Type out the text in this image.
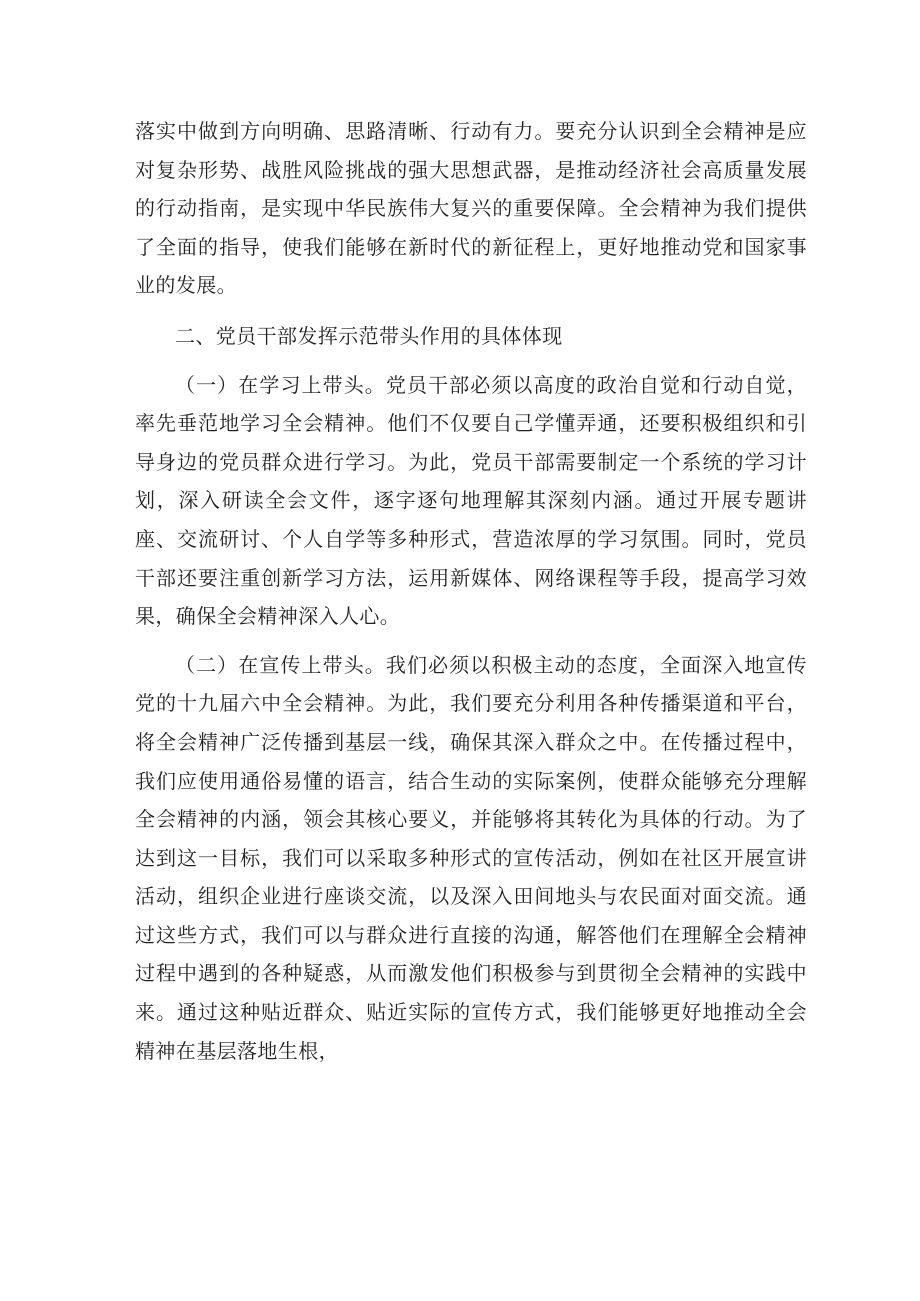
落实中做到方向明确、思路清晰、行动有力。要充分认识到全会精神是应对复杂形势、战胜风险挑战的强大思想武器，是推动经济社会高质量发展的行动指南，是实现中华民族伟大复兴的重要保障。全会精神为我们提供了全面的指导，使我们能够在新时代的新征程上，更好地推动党和国家事业的发展。

二、党员干部发挥示范带头作用的具体体现

（一）在学习上带头。党员干部必须以高度的政治自觉和行动自觉，率先垂范地学习全会精神。他们不仅要自己学懂弄通，还要积极组织和引导身边的党员群众进行学习。为此，党员干部需要制定一个系统的学习计划，深入研读全会文件，逐字逐句地理解其深刻内涵。通过开展专题讲座、交流研讨、个人自学等多种形式，营造浓厚的学习氛围。同时，党员干部还要注重创新学习方法，运用新媒体、网络课程等手段，提高学习效果，确保全会精神深入人心。

（二）在宣传上带头。我们必须以积极主动的态度，全面深入地宣传党的十九届六中全会精神。为此，我们要充分利用各种传播渠道和平台，将全会精神广泛传播到基层一线，确保其深入群众之中。在传播过程中，我们应使用通俗易懂的语言，结合生动的实际案例，使群众能够充分理解全会精神的内涵，领会其核心要义，并能够将其转化为具体的行动。为了达到这一目标，我们可以采取多种形式的宣传活动，例如在社区开展宣讲活动，组织企业进行座谈交流，以及深入田间地头与农民面对面交流。通过这些方式，我们可以与群众进行直接的沟通，解答他们在理解全会精神过程中遇到的各种疑惑，从而激发他们积极参与到贯彻全会精神的实践中来。通过这种贴近群众、贴近实际的宣传方式，我们能够更好地推动全会精神在基层落地生根，
